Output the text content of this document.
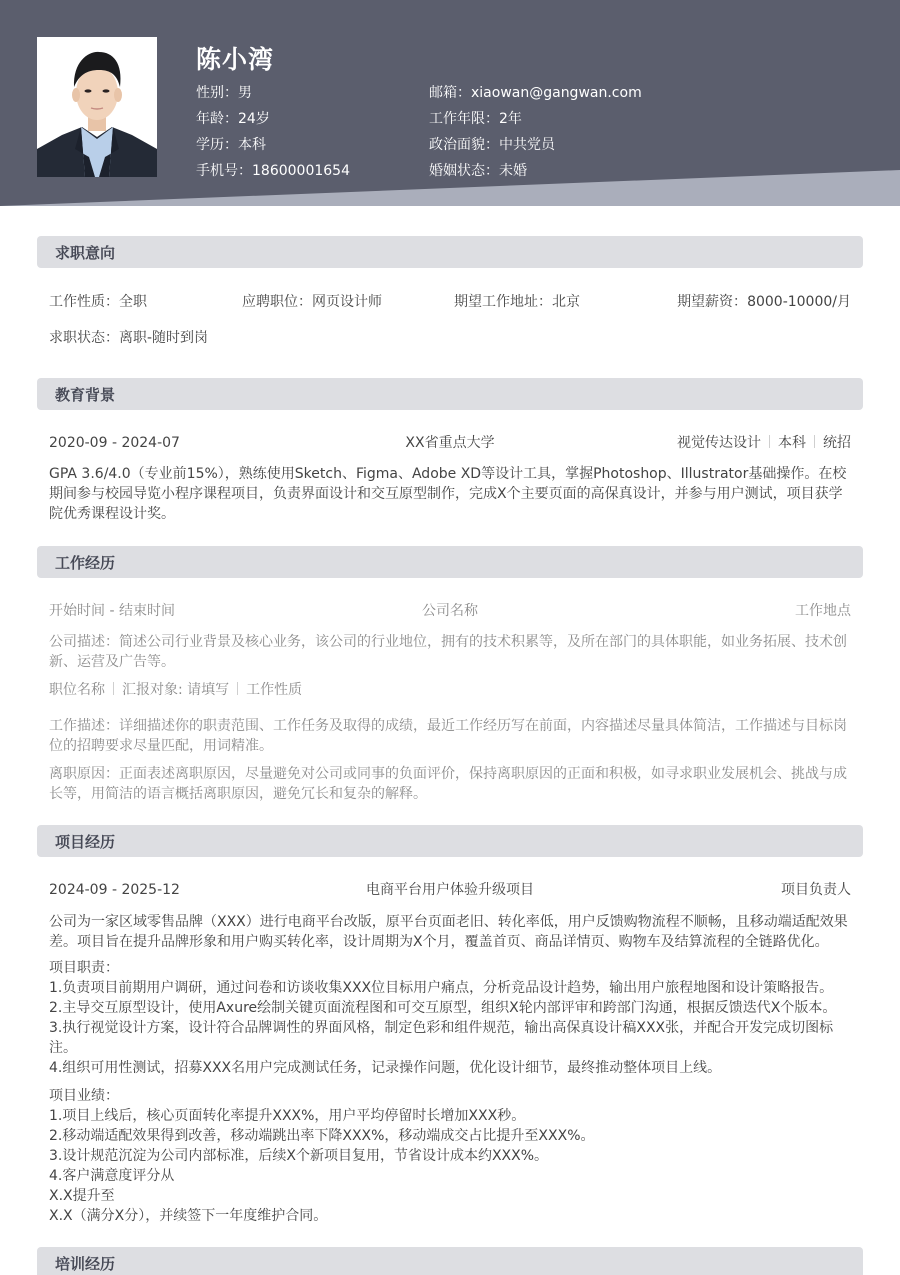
陈小湾
性别：男
年龄：24岁
学历：本科
手机号：18600001654
邮箱：xiaowan@gangwan.com
工作年限：2年
政治面貌：中共党员
婚姻状态：未婚
求职意向
工作性质：全职	应聘职位：网页设计师	期望工作地址：北京	期望薪资：8000-10000/月
求职状态：离职-随时到岗
教育背景
2020-09 - 2024-07	XX省重点大学	视觉传达设计 本科 统招
GPA 3.6/4.0（专业前15%），熟练使用Sketch、Figma、Adobe XD等设计工具，掌握Photoshop、Illustrator基础操作。在校期间参与校园导览小程序课程项目，负责界面设计和交互原型制作，完成X个主要页面的高保真设计，并参与用户测试，项目获学院优秀课程设计奖。
工作经历
开始时间 - 结束时间	公司名称	工作地点
公司描述：简述公司行业背景及核心业务，该公司的行业地位，拥有的技术积累等，及所在部门的具体职能，如业务拓展、技术创新、运营及广告等。
职位名称 汇报对象: 请填写 工作性质
工作描述：详细描述你的职责范围、工作任务及取得的成绩，最近工作经历写在前面，内容描述尽量具体简洁，工作描述与目标岗位的招聘要求尽量匹配，用词精准。
离职原因：正面表述离职原因，尽量避免对公司或同事的负面评价，保持离职原因的正面和积极，如寻求职业发展机会、挑战与成长等，用简洁的语言概括离职原因，避免冗长和复杂的解释。
项目经历
2024-09 - 2025-12	电商平台用户体验升级项目	项目负责人
公司为一家区域零售品牌（XXX）进行电商平台改版，原平台页面老旧、转化率低，用户反馈购物流程不顺畅，且移动端适配效果差。项目旨在提升品牌形象和用户购买转化率，设计周期为X个月，覆盖首页、商品详情页、购物车及结算流程的全链路优化。
项目职责：
1.负责项目前期用户调研，通过问卷和访谈收集XXX位目标用户痛点，分析竞品设计趋势，输出用户旅程地图和设计策略报告。
2.主导交互原型设计，使用Axure绘制关键页面流程图和可交互原型，组织X轮内部评审和跨部门沟通，根据反馈迭代X个版本。
3.执行视觉设计方案，设计符合品牌调性的界面风格，制定色彩和组件规范，输出高保真设计稿XXX张，并配合开发完成切图标注。
4.组织可用性测试，招募XXX名用户完成测试任务，记录操作问题，优化设计细节，最终推动整体项目上线。
项目业绩：
1.项目上线后，核心页面转化率提升XXX%，用户平均停留时长增加XXX秒。
2.移动端适配效果得到改善，移动端跳出率下降XXX%，移动端成交占比提升至XXX%。
3.设计规范沉淀为公司内部标准，后续X个新项目复用，节省设计成本约XXX%。
4.客户满意度评分从
X.X提升至
X.X（满分X分），并续签下一年度维护合同。
培训经历
